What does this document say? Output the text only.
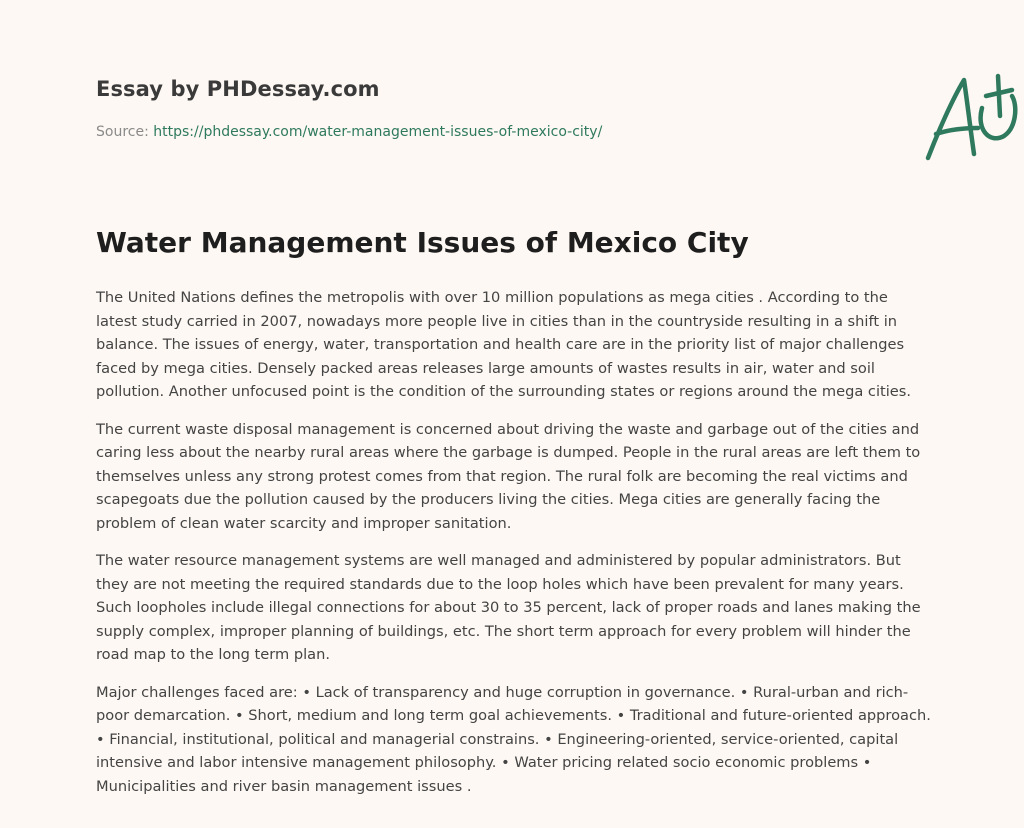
Essay by PHDessay.com
Source: https://phdessay.com/water-management-issues-of-mexico-city/
Water Management Issues of Mexico City

The United Nations defines the metropolis with over 10 million populations as mega cities . According to the latest study carried in 2007, nowadays more people live in cities than in the countryside resulting in a shift in balance. The issues of energy, water, transportation and health care are in the priority list of major challenges faced by mega cities. Densely packed areas releases large amounts of wastes results in air, water and soil pollution. Another unfocused point is the condition of the surrounding states or regions around the mega cities.

The current waste disposal management is concerned about driving the waste and garbage out of the cities and caring less about the nearby rural areas where the garbage is dumped. People in the rural areas are left them to themselves unless any strong protest comes from that region. The rural folk are becoming the real victims and scapegoats due the pollution caused by the producers living the cities. Mega cities are generally facing the problem of clean water scarcity and improper sanitation.

The water resource management systems are well managed and administered by popular administrators. But they are not meeting the required standards due to the loop holes which have been prevalent for many years. Such loopholes include illegal connections for about 30 to 35 percent, lack of proper roads and lanes making the supply complex, improper planning of buildings, etc. The short term approach for every problem will hinder the road map to the long term plan.

Major challenges faced are: • Lack of transparency and huge corruption in governance. • Rural-urban and rich-poor demarcation. • Short, medium and long term goal achievements. • Traditional and future-oriented approach. • Financial, institutional, political and managerial constrains. • Engineering-oriented, service-oriented, capital intensive and labor intensive management philosophy. • Water pricing related socio economic problems • Municipalities and river basin management issues .
